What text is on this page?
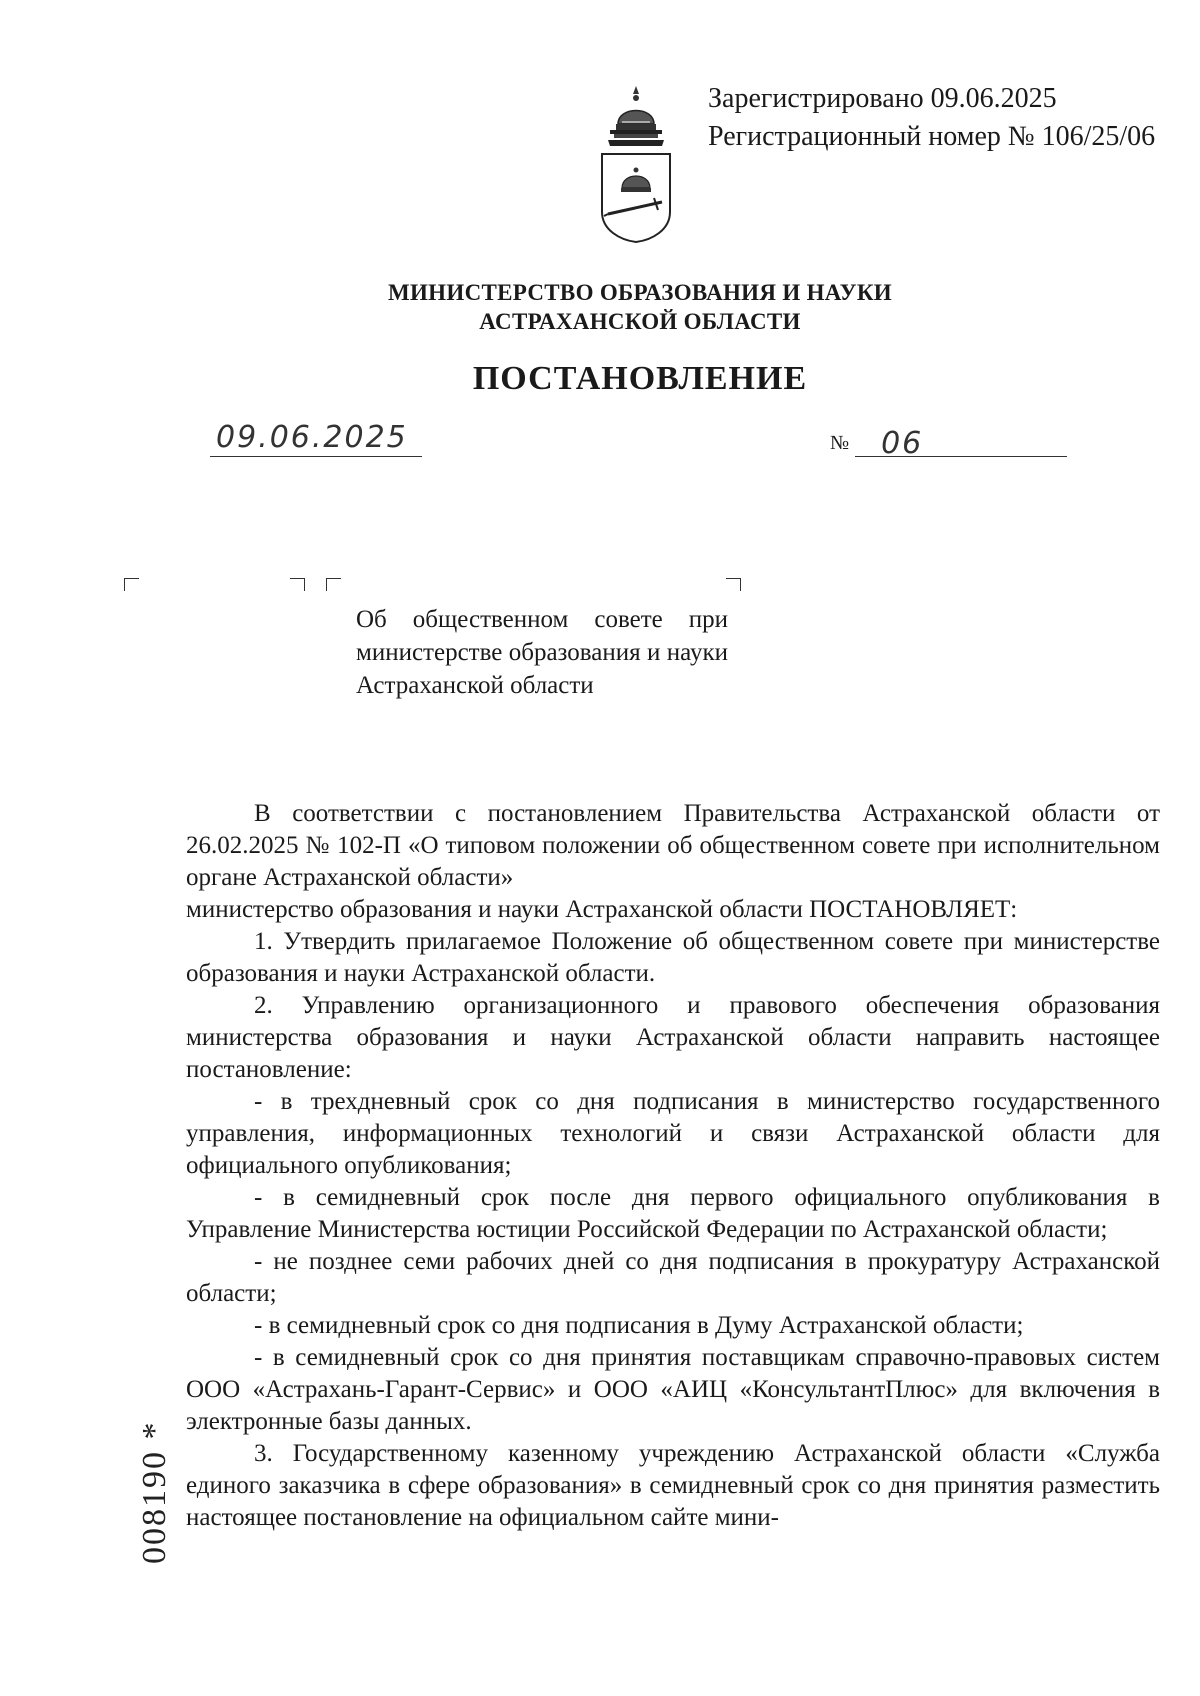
Зарегистрировано 09.06.2025
Регистрационный номер № 106/25/06
МИНИСТЕРСТВО ОБРАЗОВАНИЯ И НАУКИ
АСТРАХАНСКОЙ ОБЛАСТИ
ПОСТАНОВЛЕНИЕ
09.06.2025	№	06
Об общественном совете при министерстве образования и науки Астраханской области

В соответствии с постановлением Правительства Астраханской области от 26.02.2025 № 102-П «О типовом положении об общественном совете при исполнительном органе Астраханской области»

министерство образования и науки Астраханской области ПОСТАНОВЛЯЕТ:

1. Утвердить прилагаемое Положение об общественном совете при министерстве образования и науки Астраханской области.

2. Управлению организационного и правового обеспечения образования министерства образования и науки Астраханской области направить настоящее постановление:

- в трехдневный срок со дня подписания в министерство государственного управления, информационных технологий и связи Астраханской области для официального опубликования;

- в семидневный срок после дня первого официального опубликования в Управление Министерства юстиции Российской Федерации по Астраханской области;

- не позднее семи рабочих дней со дня подписания в прокуратуру Астраханской области;

- в семидневный срок со дня подписания в Думу Астраханской области;

- в семидневный срок со дня принятия поставщикам справочно-правовых систем ООО «Астрахань-Гарант-Сервис» и ООО «АИЦ «КонсультантПлюс» для включения в электронные базы данных.

3. Государственному казенному учреждению Астраханской области «Служба единого заказчика в сфере образования» в семидневный срок со дня принятия разместить настоящее постановление на официальном сайте мини-

008190 *
